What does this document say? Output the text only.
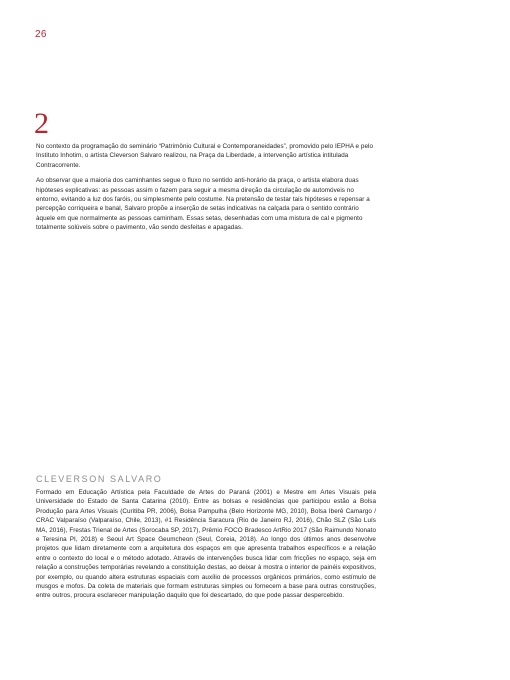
26
2

No contexto da programação do seminário “Patrimônio Cultural e Contemporaneidades”, promovido pelo IEPHA e pelo Instituto Inhotim, o artista Cleverson Salvaro realizou, na Praça da Liberdade, a intervenção artística intitulada Contracorrente.

Ao observar que a maioria dos caminhantes segue o fluxo no sentido anti-horário da praça, o artista elabora duas hipóteses explicativas: as pessoas assim o fazem para seguir a mesma direção da circulação de automóveis no entorno, evitando a luz dos faróis, ou simplesmente pelo costume. Na pretensão de testar tais hipóteses e repensar a percepção corriqueira e banal, Salvaro propõe a inserção de setas indicativas na calçada para o sentido contrário àquele em que normalmente as pessoas caminham. Essas setas, desenhadas com uma mistura de cal e pigmento totalmente solúveis sobre o pavimento, vão sendo desfeitas e apagadas.

CLEVERSON SALVARO

Formado em Educação Artística pela Faculdade de Artes do Paraná (2001) e Mestre em Artes Visuais pela Universidade do Estado de Santa Catarina (2010). Entre as bolsas e residências que participou estão a Bolsa Produção para Artes Visuais (Curitiba PR, 2006), Bolsa Pampulha (Belo Horizonte MG, 2010), Bolsa Iberê Camargo / CRAC Valparaíso (Valparaíso, Chile, 2013), #1 Residência Saracura (Rio de Janeiro RJ, 2016), Chão SLZ (São Luís MA, 2016), Frestas Trienal de Artes (Sorocaba SP, 2017), Prêmio FOCO Bradesco ArtRio 2017 (São Raimundo Nonato e Teresina PI, 2018) e Seoul Art Space Geumcheon (Seul, Coreia, 2018). Ao longo dos últimos anos desenvolve projetos que lidam diretamente com a arquitetura dos espaços em que apresenta trabalhos específicos e a relação entre o contexto do local e o método adotado. Através de intervenções busca lidar com fricções no espaço, seja em relação a construções temporárias revelando a constituição destas, ao deixar à mostra o interior de painéis expositivos, por exemplo, ou quando altera estruturas espaciais com auxílio de processos orgânicos primários, como estímulo de musgos e mofos. Da coleta de materiais que formam estruturas simples ou fornecem a base para outras construções, entre outros, procura esclarecer manipulação daquilo que foi descartado, do que pode passar despercebido.
